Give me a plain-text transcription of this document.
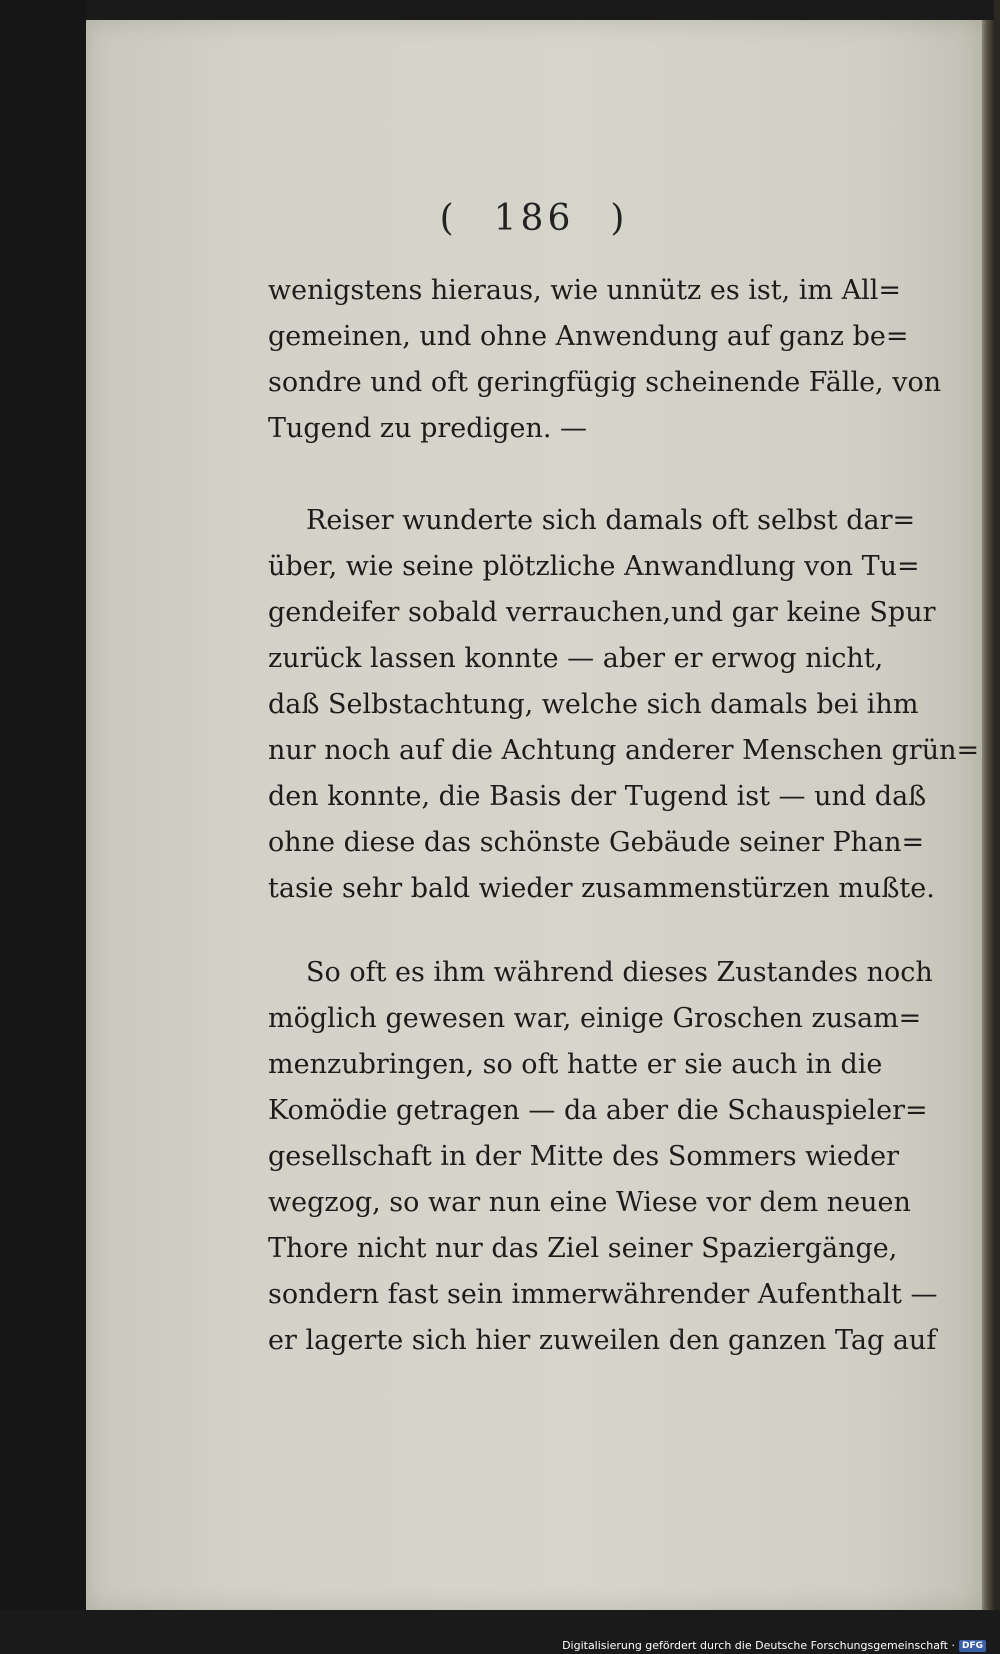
( 186 )
wenigstens hieraus, wie unnütz es ist, im All=
gemeinen, und ohne Anwendung auf ganz be=
sondre und oft geringfügig scheinende Fälle, von
Tugend zu predigen. —
Reiser wunderte sich damals oft selbst dar=
über, wie seine plötzliche Anwandlung von Tu=
gendeifer sobald verrauchen,und gar keine Spur
zurück lassen konnte — aber er erwog nicht,
daß Selbstachtung, welche sich damals bei ihm
nur noch auf die Achtung anderer Menschen grün=
den konnte, die Basis der Tugend ist — und daß
ohne diese das schönste Gebäude seiner Phan=
tasie sehr bald wieder zusammenstürzen mußte.
So oft es ihm während dieses Zustandes noch
möglich gewesen war, einige Groschen zusam=
menzubringen, so oft hatte er sie auch in die
Komödie getragen — da aber die Schauspieler=
gesellschaft in der Mitte des Sommers wieder
wegzog, so war nun eine Wiese vor dem neuen
Thore nicht nur das Ziel seiner Spaziergänge,
sondern fast sein immerwährender Aufenthalt —
er lagerte sich hier zuweilen den ganzen Tag auf
Digitalisierung gefördert durch die Deutsche Forschungsgemeinschaft · DFG
